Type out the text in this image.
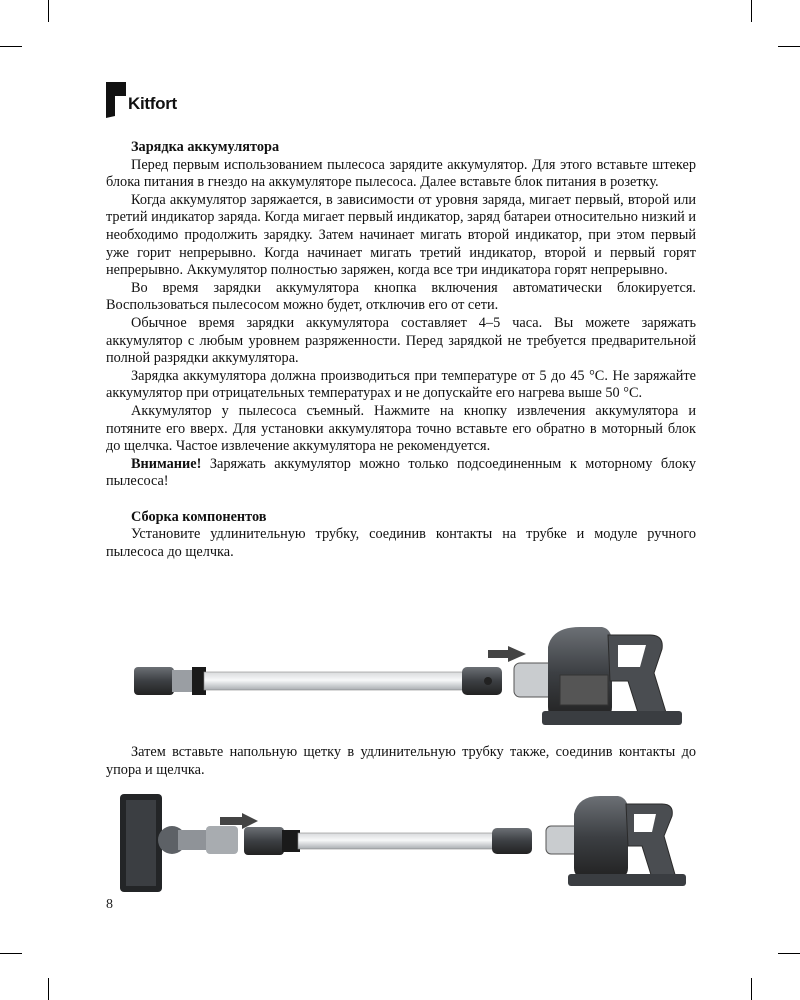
Kitfort
Зарядка аккумулятора

Перед первым использованием пылесоса зарядите аккумулятор. Для этого вставьте штекер блока питания в гнездо на аккумуляторе пылесоса. Далее вставьте блок питания в розетку.

Когда аккумулятор заряжается, в зависимости от уровня заряда, мигает первый, второй или третий индикатор заряда. Когда мигает первый индикатор, заряд батареи относительно низкий и необходимо продолжить зарядку. Затем начинает мигать второй индикатор, при этом первый уже горит непрерывно. Когда начинает мигать третий индикатор, второй и первый горят непрерывно. Аккумулятор полностью заряжен, когда все три индикатора горят непрерывно.

Во время зарядки аккумулятора кнопка включения автоматически блокируется. Воспользоваться пылесосом можно будет, отключив его от сети.

Обычное время зарядки аккумулятора составляет 4–5 часа. Вы можете заряжать аккумулятор с любым уровнем разряженности. Перед зарядкой не требуется предварительной полной разрядки аккумулятора.

Зарядка аккумулятора должна производиться при температуре от 5 до 45 °С. Не заряжайте аккумулятор при отрицательных температурах и не допускайте его нагрева выше 50 °С.

Аккумулятор у пылесоса съемный. Нажмите на кнопку извлечения аккумулятора и потяните его вверх. Для установки аккумулятора точно вставьте его обратно в моторный блок до щелчка. Частое извлечение аккумулятора не рекомендуется.

Внимание! Заряжать аккумулятор можно только подсоединенным к моторному блоку пылесоса!

Сборка компонентов

Установите удлинительную трубку, соединив контакты на трубке и модуле ручного пылесоса до щелчка.

Затем вставьте напольную щетку в удлинительную трубку также, соединив контакты до упора и щелчка.

8
